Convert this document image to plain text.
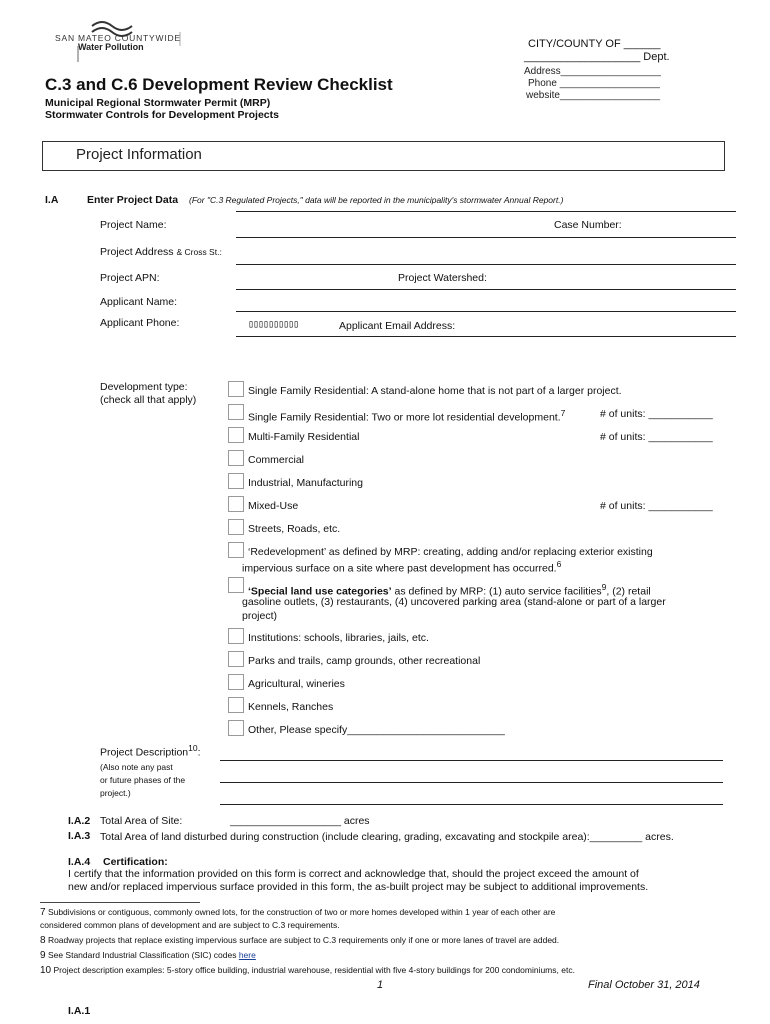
SAN MATEO COUNTYWIDE
Water Pollution	CITY/COUNTY OF ______
___________________ Dept.
Address__________________
Phone __________________
website__________________
C.3 and C.6 Development Review Checklist
Municipal Regional Stormwater Permit (MRP)
Stormwater Controls for Development Projects
Project Information
I.A	Enter Project Data (For "C.3 Regulated Projects," data will be reported in the municipality's stormwater Annual Report.)
Project Name:	Case Number:
Project Address & Cross St.:
Project APN:	Project Watershed:
Applicant Name:
Applicant Phone:	▯▯▯▯▯▯▯▯▯▯	Applicant Email Address:
Development type:
(check all that apply)
Single Family Residential: A stand-alone home that is not part of a larger project.
Single Family Residential: Two or more lot residential development.$^7$	# of units: ___________
Multi-Family Residential	# of units: ___________
Commercial
Industrial, Manufacturing
Mixed-Use	# of units: ___________
Streets, Roads, etc.
‘Redevelopment’ as defined by MRP: creating, adding and/or replacing exterior existing
impervious surface on a site where past development has occurred.$^6$
‘Special land use categories’ as defined by MRP: (1) auto service facilities$^9$, (2) retail
gasoline outlets, (3) restaurants, (4) uncovered parking area (stand-alone or part of a larger
project)
Institutions: schools, libraries, jails, etc.
Parks and trails, camp grounds, other recreational
Agricultural, wineries
Kennels, Ranches
Other, Please specify___________________________
Project Description$^{10}$:
(Also note any past
or future phases of the
project.)
I.A.2 Total Area of Site:	___________________ acres
I.A.3 Total Area of land disturbed during construction (include clearing, grading, excavating and stockpile area):_________ acres.
I.A.4 Certification:
I certify that the information provided on this form is correct and acknowledge that, should the project exceed the amount of
new and/or replaced impervious surface provided in this form, the as-built project may be subject to additional improvements.
7 Subdivisions or contiguous, commonly owned lots, for the construction of two or more homes developed within 1 year of each other are
considered common plans of development and are subject to C.3 requirements.
8 Roadway projects that replace existing impervious surface are subject to C.3 requirements only if one or more lanes of travel are added.
9 See Standard Industrial Classification (SIC) codes here
10 Project description examples: 5-story office building, industrial warehouse, residential with five 4-story buildings for 200 condominiums, etc.
1	Final October 31, 2014
I.A.1
